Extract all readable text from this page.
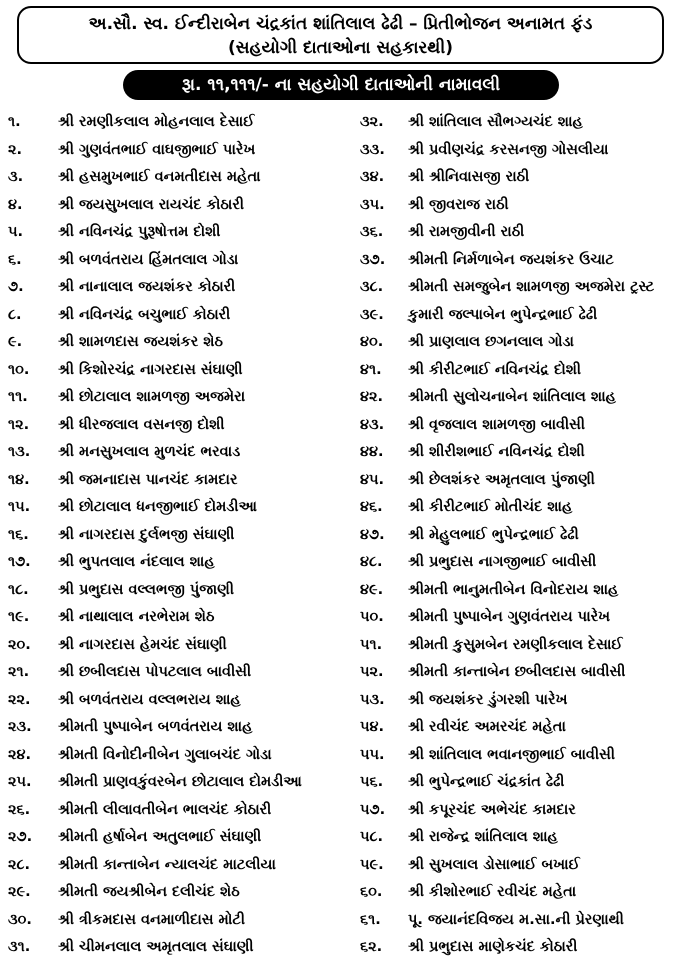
અ.સૌ. સ્વ. ઈન્દીરાબેન ચંદ્રકાંત શાંતિલાલ ઢેઢી – પ્રિતીભોજન અનામત ફંડ
(સહયોગી દાતાઓના સહકારથી)
રૂા. ૧૧,૧૧૧/- ના સહયોગી દાતાઓની નામાવલી
૧.	શ્રી રમણીકલાલ મોહનલાલ દેસાઈ
૨. શ્રી ગુણવંતભાઈ વાઘજીભાઈ પારેખ
૩. શ્રી હસમુખભાઈ વનમતીદાસ મહેતા
૪. શ્રી જયસુખલાલ રાયચંદ કોઠારી
૫. શ્રી નવિનચંદ્ર પુરૂષોત્તમ દોશી
૬.	શ્રી બળવંતરાય હિંમતલાલ ગોડા
૭. શ્રી નાનાલાલ જયશંકર કોઠારી
૮.	શ્રી નવિનચંદ્ર બચુભાઈ કોઠારી
૯. શ્રી શામળદાસ જયશંકર શેઠ
૧૦. શ્રી કિશોરચંદ્ર નાગરદાસ સંઘાણી
૧૧. શ્રી છોટાલાલ શામળજી અજમેરા
૧૨. શ્રી ધીરજલાલ વસનજી દોશી
૧૩. શ્રી મનસુખલાલ મુળચંદ ભરવાડ
૧૪. શ્રી જમનાદાસ પાનચંદ કામદાર
૧૫. શ્રી છોટાલાલ ધનજીભાઈ દોમડીઆ
૧૬. શ્રી નાગરદાસ દુર્લભજી સંઘાણી
૧૭. શ્રી ભુપતલાલ નંદલાલ શાહ
૧૮. શ્રી પ્રભુદાસ વલ્લભજી પુંજાણી
૧૯. શ્રી નાથાલાલ નરભેરામ શેઠ
૨૦. શ્રી નાગરદાસ હેમચંદ સંઘાણી
૨૧. શ્રી છબીલદાસ પોપટલાલ બાવીસી
૨૨. શ્રી બળવંતરાય વલ્લભરાય શાહ
૨૩. શ્રીમતી પુષ્પાબેન બળવંતરાય શાહ
૨૪. શ્રીમતી વિનોદીનીબેન ગુલાબચંદ ગોડા
૨૫. શ્રીમતી પ્રાણવકુંવરબેન છોટાલાલ દોમડીઆ
૨૬. શ્રીમતી લીલાવતીબેન ભાલચંદ કોઠારી
૨૭. શ્રીમતી હર્ષાબેન અતુલભાઈ સંઘાણી
૨૮. શ્રીમતી કાન્તાબેન ન્યાલચંદ માટલીયા
૨૯. શ્રીમતી જયશ્રીબેન દલીચંદ શેઠ
૩૦. શ્રી ત્રીકમદાસ વનમાળીદાસ મોટી
૩૧. શ્રી ચીમનલાલ અમૃતલાલ સંઘાણી
૩૨. શ્રી શાંતિલાલ સૌભગ્યચંદ શાહ
૩૩. શ્રી પ્રવીણચંદ્ર કરસનજી ગોસલીયા
૩૪. શ્રી શ્રીનિવાસજી રાઠી
૩૫. શ્રી જીવરાજ રાઠી
૩૬. શ્રી રામજીવીની રાઠી
૩૭. શ્રીમતી નિર્મળાબેન જયશંકર ઉચાટ
૩૮. શ્રીમતી સમજુબેન શામળજી અજમેરા ટ્રસ્ટ
૩૯. કુમારી જલ્પાબેન ભુપેન્દ્રભાઈ ઢેઢી
૪૦. શ્રી પ્રાણલાલ છગનલાલ ગોડા
૪૧. શ્રી કીરીટભાઈ નવિનચંદ્ર દોશી
૪૨. શ્રીમતી સુલોચનાબેન શાંતિલાલ શાહ
૪૩. શ્રી વૃજલાલ શામળજી બાવીસી
૪૪. શ્રી શીરીશભાઈ નવિનચંદ્ર દોશી
૪૫. શ્રી છેલશંકર અમૃતલાલ પુંજાણી
૪૬. શ્રી કીરીટભાઈ મોતીચંદ શાહ
૪૭. શ્રી મેહુલભાઈ ભુપેન્દ્રભાઈ ઢેઢી
૪૮. શ્રી પ્રભુદાસ નાગજીભાઈ બાવીસી
૪૯. શ્રીમતી ભાનુમતીબેન વિનોદરાય શાહ
૫૦. શ્રીમતી પુષ્પાબેન ગુણવંતરાય પારેખ
૫૧. શ્રીમતી કુસુમબેન રમણીકલાલ દેસાઈ
૫૨. શ્રીમતી કાન્તાબેન છબીલદાસ બાવીસી
૫૩. શ્રી જયશંકર ડુંગરશી પારેખ
૫૪. શ્રી રવીચંદ અમરચંદ મહેતા
૫૫. શ્રી શાંતિલાલ ભવાનજીભાઈ બાવીસી
૫૬. શ્રી ભુપેન્દ્રભાઈ ચંદ્રકાંત ઢેઢી
૫૭. શ્રી કપૂરચંદ અભેચંદ કામદાર
૫૮. શ્રી રાજેન્દ્ર શાંતિલાલ શાહ
૫૯. શ્રી સુખલાલ ડોસાભાઈ બખાઈ
૬૦. શ્રી કીશોરભાઈ રવીચંદ મહેતા
૬૧. પૂ. જયાનંદવિજય મ.સા.ની પ્રેરણાથી
૬૨. શ્રી પ્રભુદાસ માણેકચંદ કોઠારી
